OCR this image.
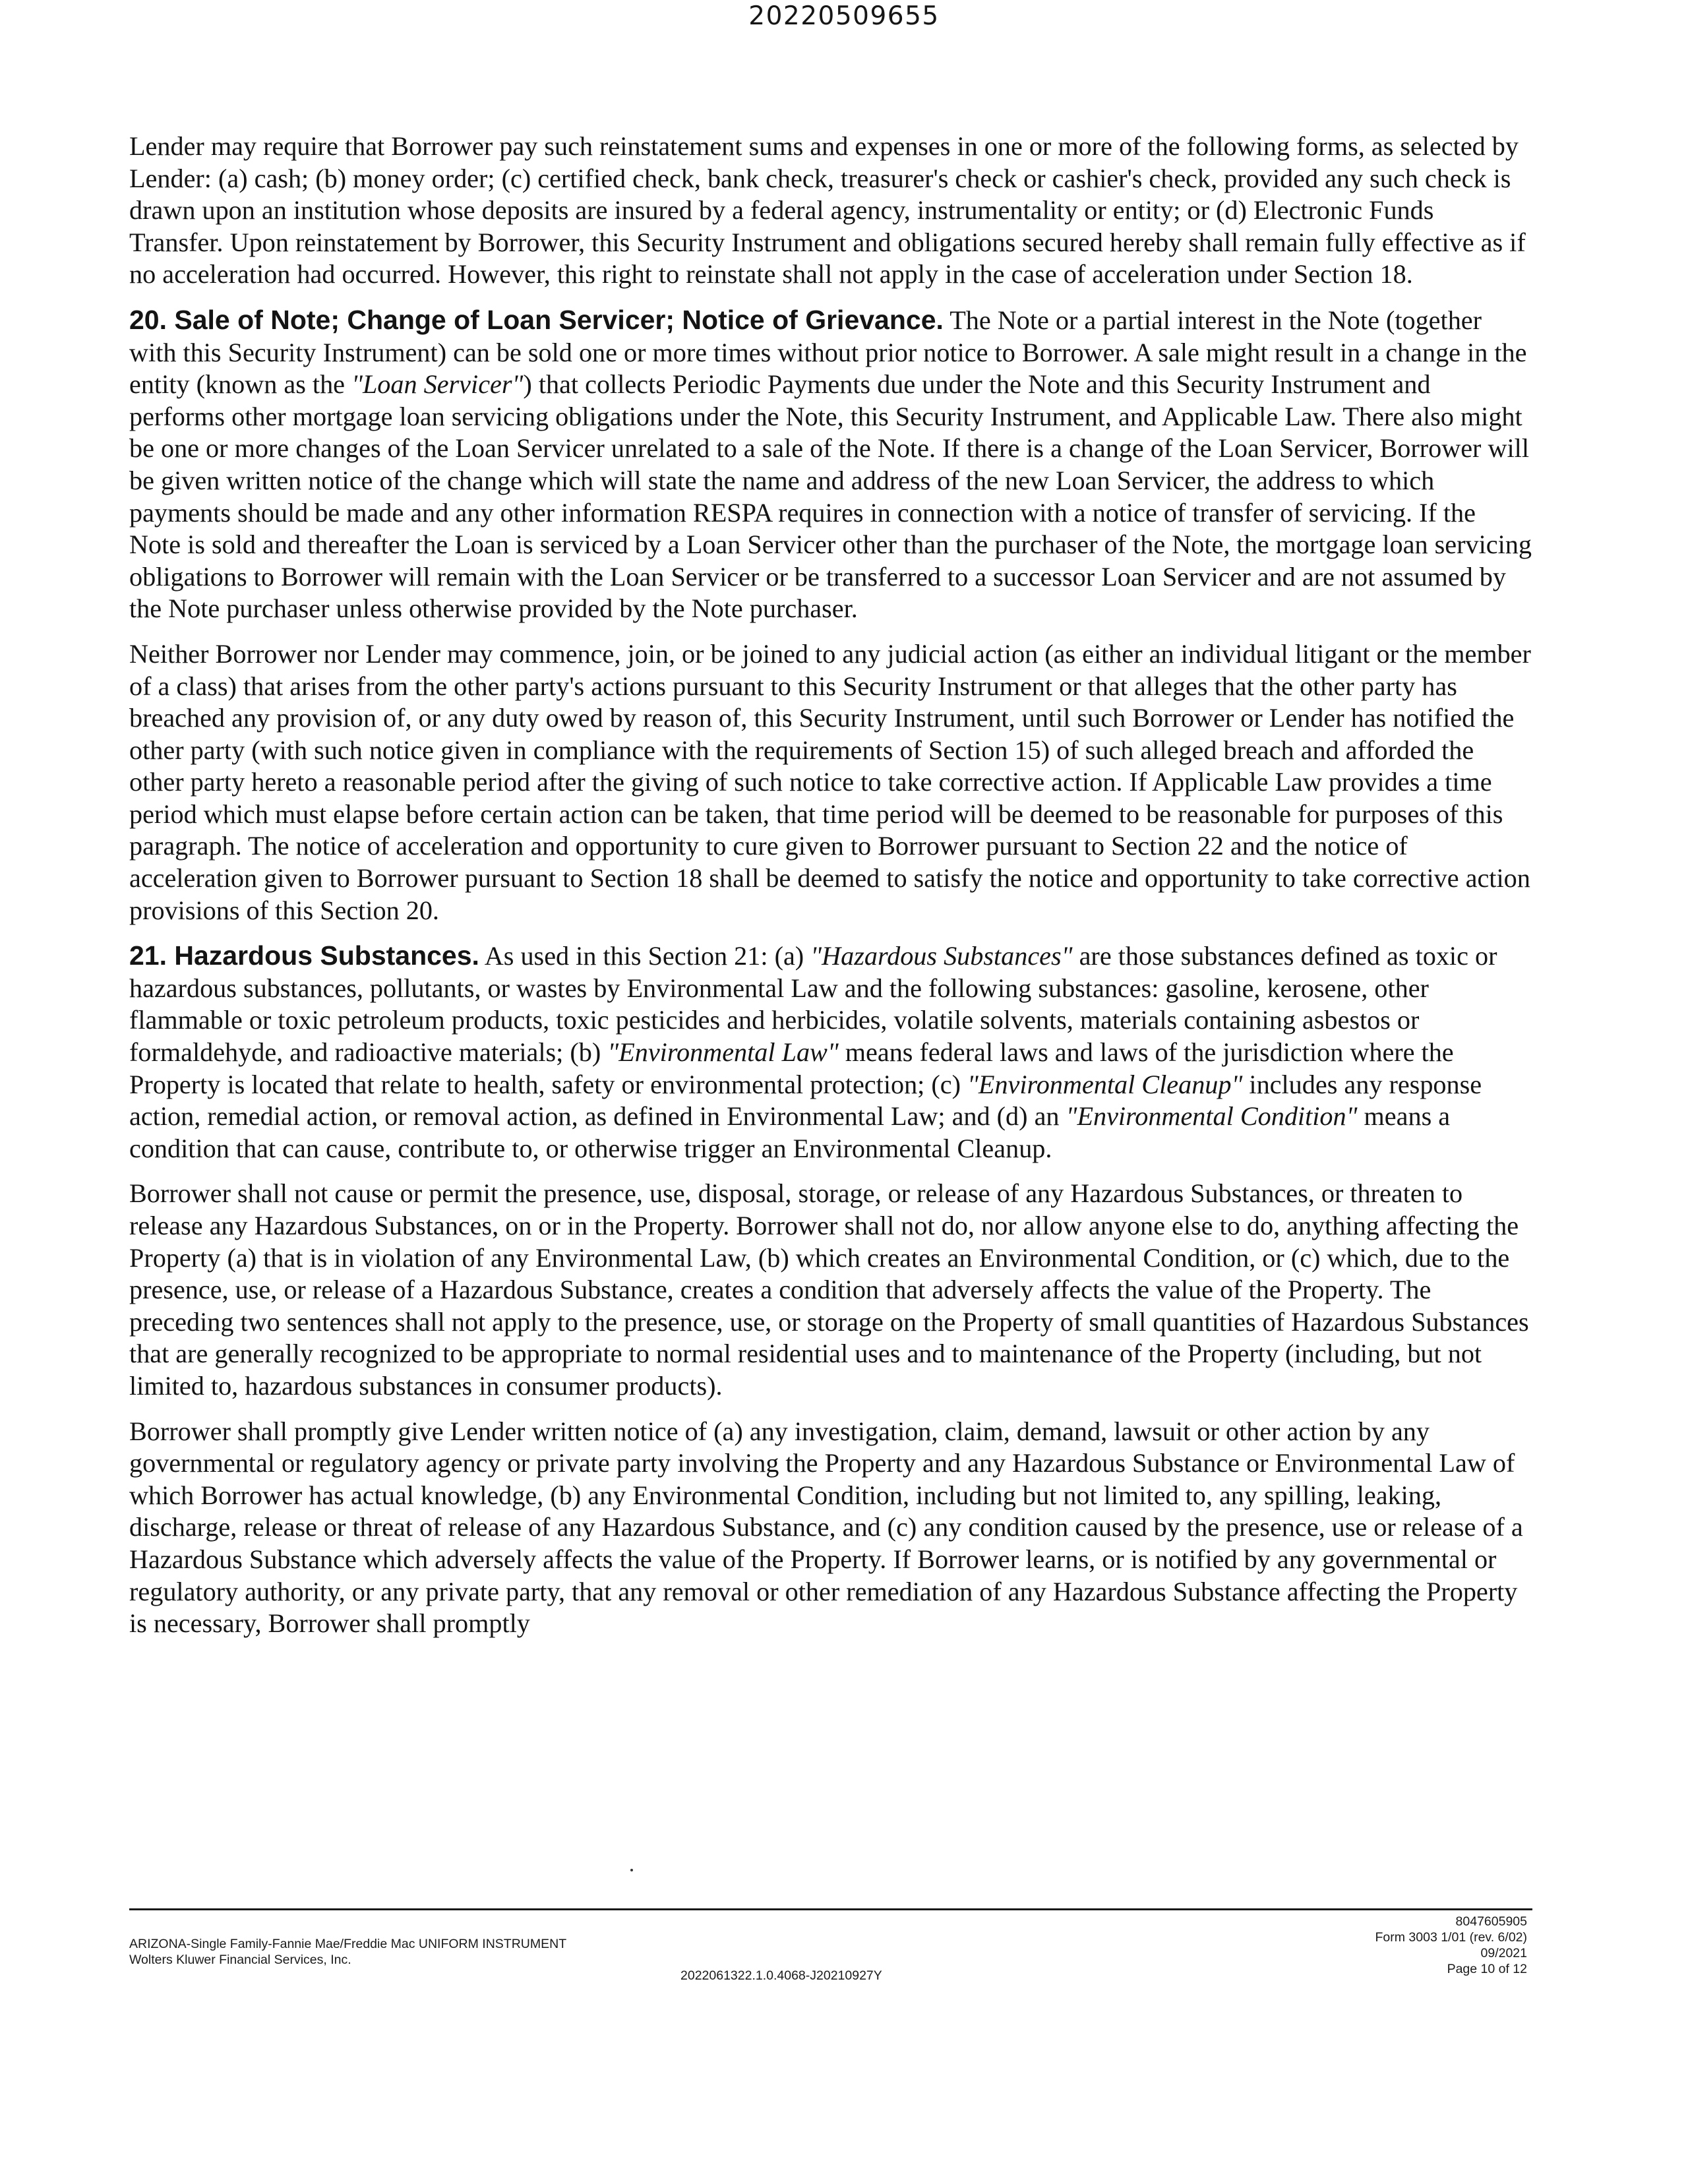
20220509655

Lender may require that Borrower pay such reinstatement sums and expenses in one or more of the following forms, as selected by Lender: (a) cash; (b) money order; (c) certified check, bank check, treasurer's check or cashier's check, provided any such check is drawn upon an institution whose deposits are insured by a federal agency, instrumentality or entity; or (d) Electronic Funds Transfer. Upon reinstatement by Borrower, this Security Instrument and obligations secured hereby shall remain fully effective as if no acceleration had occurred. However, this right to reinstate shall not apply in the case of acceleration under Section 18.

20. Sale of Note; Change of Loan Servicer; Notice of Grievance. The Note or a partial interest in the Note (together with this Security Instrument) can be sold one or more times without prior notice to Borrower. A sale might result in a change in the entity (known as the "Loan Servicer") that collects Periodic Payments due under the Note and this Security Instrument and performs other mortgage loan servicing obligations under the Note, this Security Instrument, and Applicable Law. There also might be one or more changes of the Loan Servicer unrelated to a sale of the Note. If there is a change of the Loan Servicer, Borrower will be given written notice of the change which will state the name and address of the new Loan Servicer, the address to which payments should be made and any other information RESPA requires in connection with a notice of transfer of servicing. If the Note is sold and thereafter the Loan is serviced by a Loan Servicer other than the purchaser of the Note, the mortgage loan servicing obligations to Borrower will remain with the Loan Servicer or be transferred to a successor Loan Servicer and are not assumed by the Note purchaser unless otherwise provided by the Note purchaser.

Neither Borrower nor Lender may commence, join, or be joined to any judicial action (as either an individual litigant or the member of a class) that arises from the other party's actions pursuant to this Security Instrument or that alleges that the other party has breached any provision of, or any duty owed by reason of, this Security Instrument, until such Borrower or Lender has notified the other party (with such notice given in compliance with the requirements of Section 15) of such alleged breach and afforded the other party hereto a reasonable period after the giving of such notice to take corrective action. If Applicable Law provides a time period which must elapse before certain action can be taken, that time period will be deemed to be reasonable for purposes of this paragraph. The notice of acceleration and opportunity to cure given to Borrower pursuant to Section 22 and the notice of acceleration given to Borrower pursuant to Section 18 shall be deemed to satisfy the notice and opportunity to take corrective action provisions of this Section 20.

21. Hazardous Substances. As used in this Section 21: (a) "Hazardous Substances" are those substances defined as toxic or hazardous substances, pollutants, or wastes by Environmental Law and the following substances: gasoline, kerosene, other flammable or toxic petroleum products, toxic pesticides and herbicides, volatile solvents, materials containing asbestos or formaldehyde, and radioactive materials; (b) "Environmental Law" means federal laws and laws of the jurisdiction where the Property is located that relate to health, safety or environmental protection; (c) "Environmental Cleanup" includes any response action, remedial action, or removal action, as defined in Environmental Law; and (d) an "Environmental Condition" means a condition that can cause, contribute to, or otherwise trigger an Environmental Cleanup.

Borrower shall not cause or permit the presence, use, disposal, storage, or release of any Hazardous Substances, or threaten to release any Hazardous Substances, on or in the Property. Borrower shall not do, nor allow anyone else to do, anything affecting the Property (a) that is in violation of any Environmental Law, (b) which creates an Environmental Condition, or (c) which, due to the presence, use, or release of a Hazardous Substance, creates a condition that adversely affects the value of the Property. The preceding two sentences shall not apply to the presence, use, or storage on the Property of small quantities of Hazardous Substances that are generally recognized to be appropriate to normal residential uses and to maintenance of the Property (including, but not limited to, hazardous substances in consumer products).

Borrower shall promptly give Lender written notice of (a) any investigation, claim, demand, lawsuit or other action by any governmental or regulatory agency or private party involving the Property and any Hazardous Substance or Environmental Law of which Borrower has actual knowledge, (b) any Environmental Condition, including but not limited to, any spilling, leaking, discharge, release or threat of release of any Hazardous Substance, and (c) any condition caused by the presence, use or release of a Hazardous Substance which adversely affects the value of the Property. If Borrower learns, or is notified by any governmental or regulatory authority, or any private party, that any removal or other remediation of any Hazardous Substance affecting the Property is necessary, Borrower shall promptly

ARIZONA-Single Family-Fannie Mae/Freddie Mac UNIFORM INSTRUMENT
Wolters Kluwer Financial Services, Inc.
2022061322.1.0.4068-J20210927Y
8047605905
Form 3003 1/01 (rev. 6/02)
09/2021
Page 10 of 12
